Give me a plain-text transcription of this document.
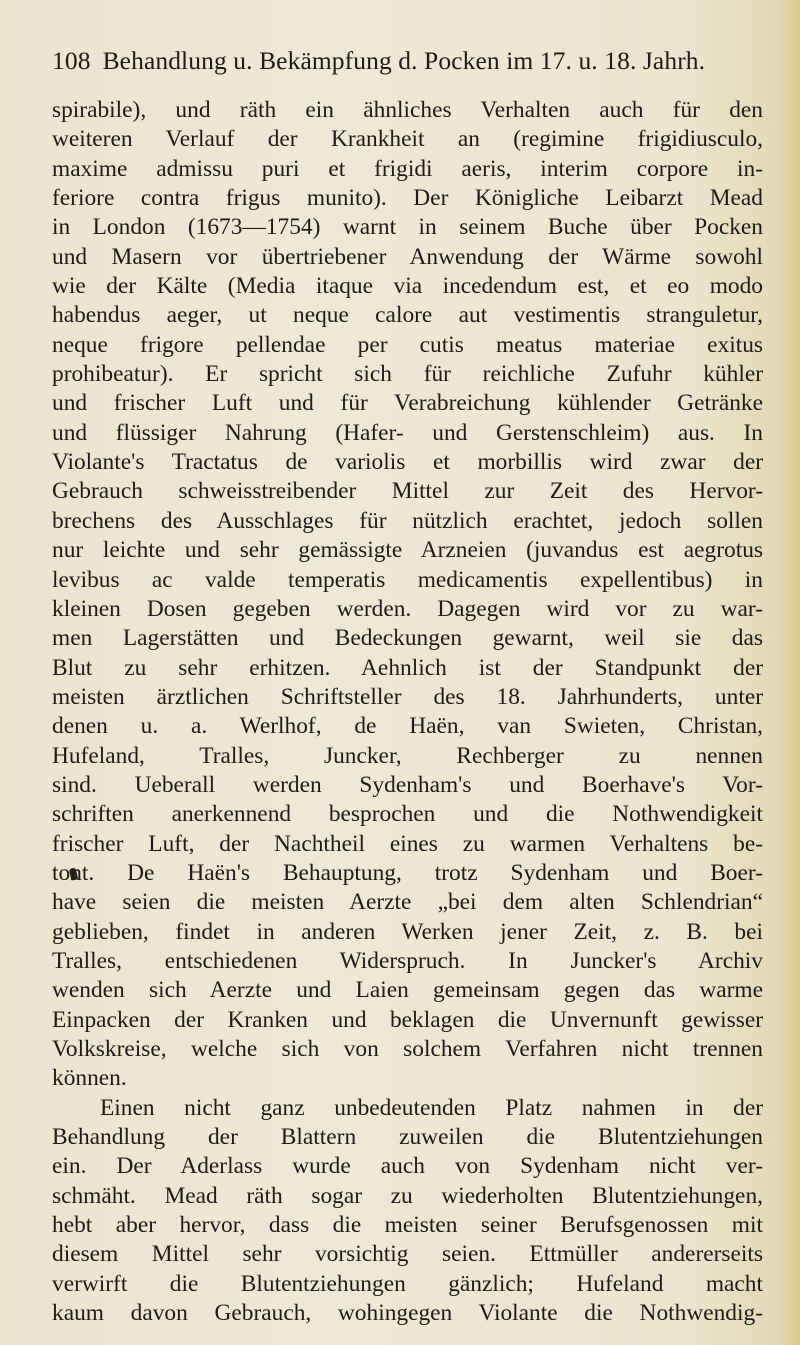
108 Behandlung u. Bekämpfung d. Pocken im 17. u. 18. Jahrh.
spirabile), und räth ein ähnliches Verhalten auch für den
weiteren Verlauf der Krankheit an (regimine frigidiusculo,
maxime admissu puri et frigidi aeris, interim corpore in-
feriore contra frigus munito). Der Königliche Leibarzt Mead
in London (1673—1754) warnt in seinem Buche über Pocken
und Masern vor übertriebener Anwendung der Wärme sowohl
wie der Kälte (Media itaque via incedendum est, et eo modo
habendus aeger, ut neque calore aut vestimentis stranguletur,
neque frigore pellendae per cutis meatus materiae exitus
prohibeatur). Er spricht sich für reichliche Zufuhr kühler
und frischer Luft und für Verabreichung kühlender Getränke
und flüssiger Nahrung (Hafer- und Gerstenschleim) aus. In
Violante's Tractatus de variolis et morbillis wird zwar der
Gebrauch schweisstreibender Mittel zur Zeit des Hervor-
brechens des Ausschlages für nützlich erachtet, jedoch sollen
nur leichte und sehr gemässigte Arzneien (juvandus est aegrotus
levibus ac valde temperatis medicamentis expellentibus) in
kleinen Dosen gegeben werden. Dagegen wird vor zu war-
men Lagerstätten und Bedeckungen gewarnt, weil sie das
Blut zu sehr erhitzen. Aehnlich ist der Standpunkt der
meisten ärztlichen Schriftsteller des 18. Jahrhunderts, unter
denen u. a. Werlhof, de Haën, van Swieten, Christan,
Hufeland, Tralles, Juncker, Rechberger zu nennen
sind. Ueberall werden Sydenham's und Boerhave's Vor-
schriften anerkennend besprochen und die Nothwendigkeit
frischer Luft, der Nachtheil eines zu warmen Verhaltens be-
tont. De Haën's Behauptung, trotz Sydenham und Boer-
have seien die meisten Aerzte „bei dem alten Schlendrian“
geblieben, findet in anderen Werken jener Zeit, z. B. bei
Tralles, entschiedenen Widerspruch. In Juncker's Archiv
wenden sich Aerzte und Laien gemeinsam gegen das warme
Einpacken der Kranken und beklagen die Unvernunft gewisser
Volkskreise, welche sich von solchem Verfahren nicht trennen
können.
Einen nicht ganz unbedeutenden Platz nahmen in der
Behandlung der Blattern zuweilen die Blutentziehungen
ein. Der Aderlass wurde auch von Sydenham nicht ver-
schmäht. Mead räth sogar zu wiederholten Blutentziehungen,
hebt aber hervor, dass die meisten seiner Berufsgenossen mit
diesem Mittel sehr vorsichtig seien. Ettmüller andererseits
verwirft die Blutentziehungen gänzlich; Hufeland macht
kaum davon Gebrauch, wohingegen Violante die Nothwendig-
